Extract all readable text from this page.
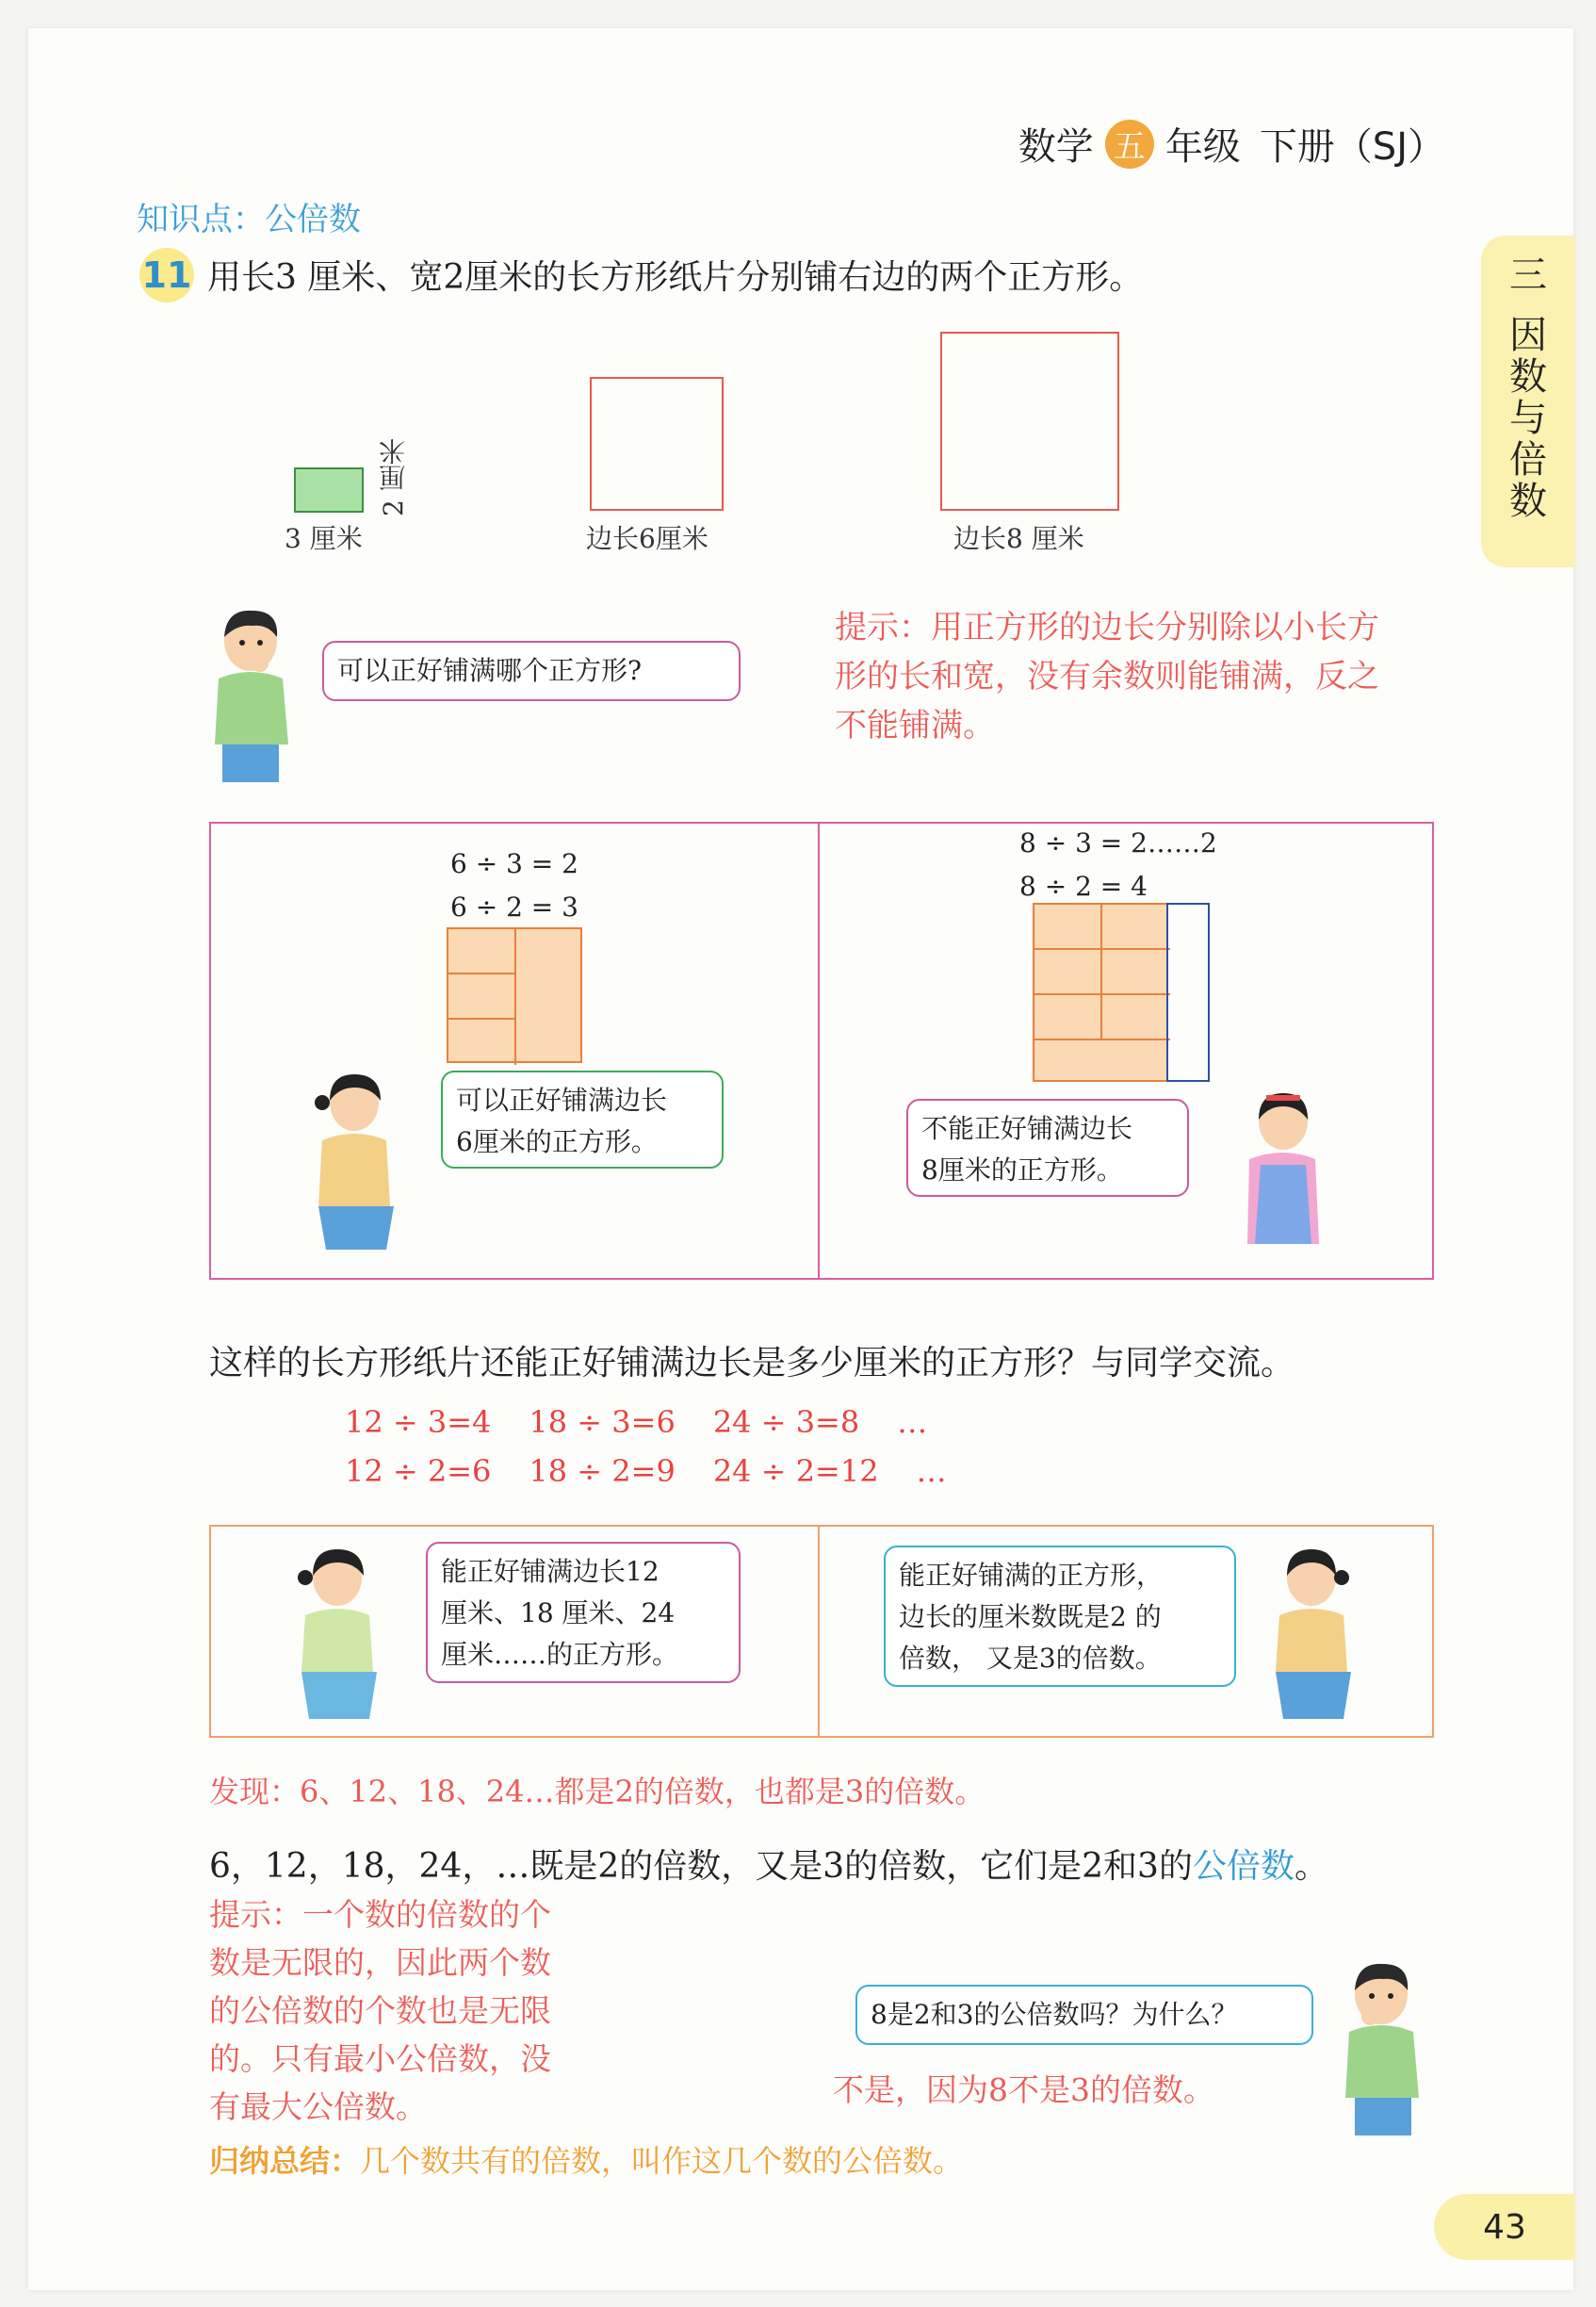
数学 五 年级 下册（SJ）
三
因数与倍数
知识点：公倍数
11 用长3 厘米、宽2厘米的长方形纸片分别铺右边的两个正方形。
3 厘米
2 厘米
边长6厘米	边长8 厘米
可以正好铺满哪个正方形?
提示：用正方形的边长分别除以小长方
形的长和宽，没有余数则能铺满，反之
不能铺满。
6 ÷ 3 = 2
6 ÷ 2 = 3
可以正好铺满边长
6厘米的正方形。
8 ÷ 3 = 2……2
8 ÷ 2 = 4
不能正好铺满边长
8厘米的正方形。
这样的长方形纸片还能正好铺满边长是多少厘米的正方形？与同学交流。
12 ÷ 3=4 18 ÷ 3=6 24 ÷ 3=8 …
12 ÷ 2=6 18 ÷ 2=9 24 ÷ 2=12 …
能正好铺满边长12
厘米、18 厘米、24
厘米……的正方形。
能正好铺满的正方形，
边长的厘米数既是2 的
倍数， 又是3的倍数。
发现：6、12、18、24…都是2的倍数，也都是3的倍数。
6，12，18，24，…既是2的倍数，又是3的倍数，它们是2和3的公倍数。
提示：一个数的倍数的个
数是无限的，因此两个数
的公倍数的个数也是无限
的。只有最小公倍数，没
有最大公倍数。
8是2和3的公倍数吗？为什么？
不是，因为8不是3的倍数。
归纳总结：几个数共有的倍数，叫作这几个数的公倍数。
43
